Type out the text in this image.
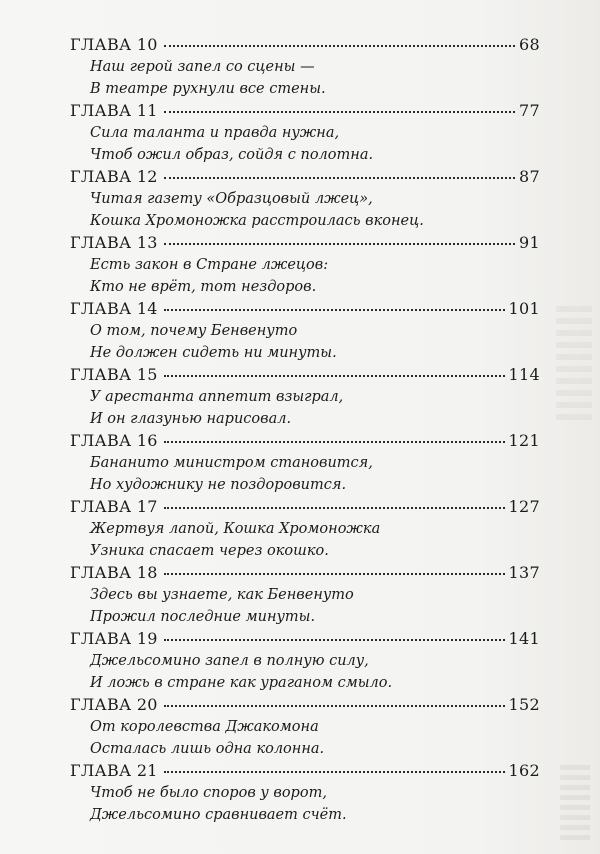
ГЛАВА 10	68
Наш герой запел со сцены —
В театре рухнули все стены.
ГЛАВА 11	77
Сила таланта и правда нужна,
Чтоб ожил образ, сойдя с полотна.
ГЛАВА 12	87
Читая газету «Образцовый лжец»,
Кошка Хромоножка расстроилась вконец.
ГЛАВА 13	91
Есть закон в Стране лжецов:
Кто не врёт, тот нездоров.
ГЛАВА 14	101
О том, почему Бенвенуто
Не должен сидеть ни минуты.
ГЛАВА 15	114
У арестанта аппетит взыграл,
И он глазунью нарисовал.
ГЛАВА 16	121
Бананито министром становится,
Но художнику не поздоровится.
ГЛАВА 17	127
Жертвуя лапой, Кошка Хромоножка
Узника спасает через окошко.
ГЛАВА 18	137
Здесь вы узнаете, как Бенвенуто
Прожил последние минуты.
ГЛАВА 19	141
Джельсомино запел в полную силу,
И ложь в стране как ураганом смыло.
ГЛАВА 20	152
От королевства Джакомона
Осталась лишь одна колонна.
ГЛАВА 21	162
Чтоб не было споров у ворот,
Джельсомино сравнивает счёт.
